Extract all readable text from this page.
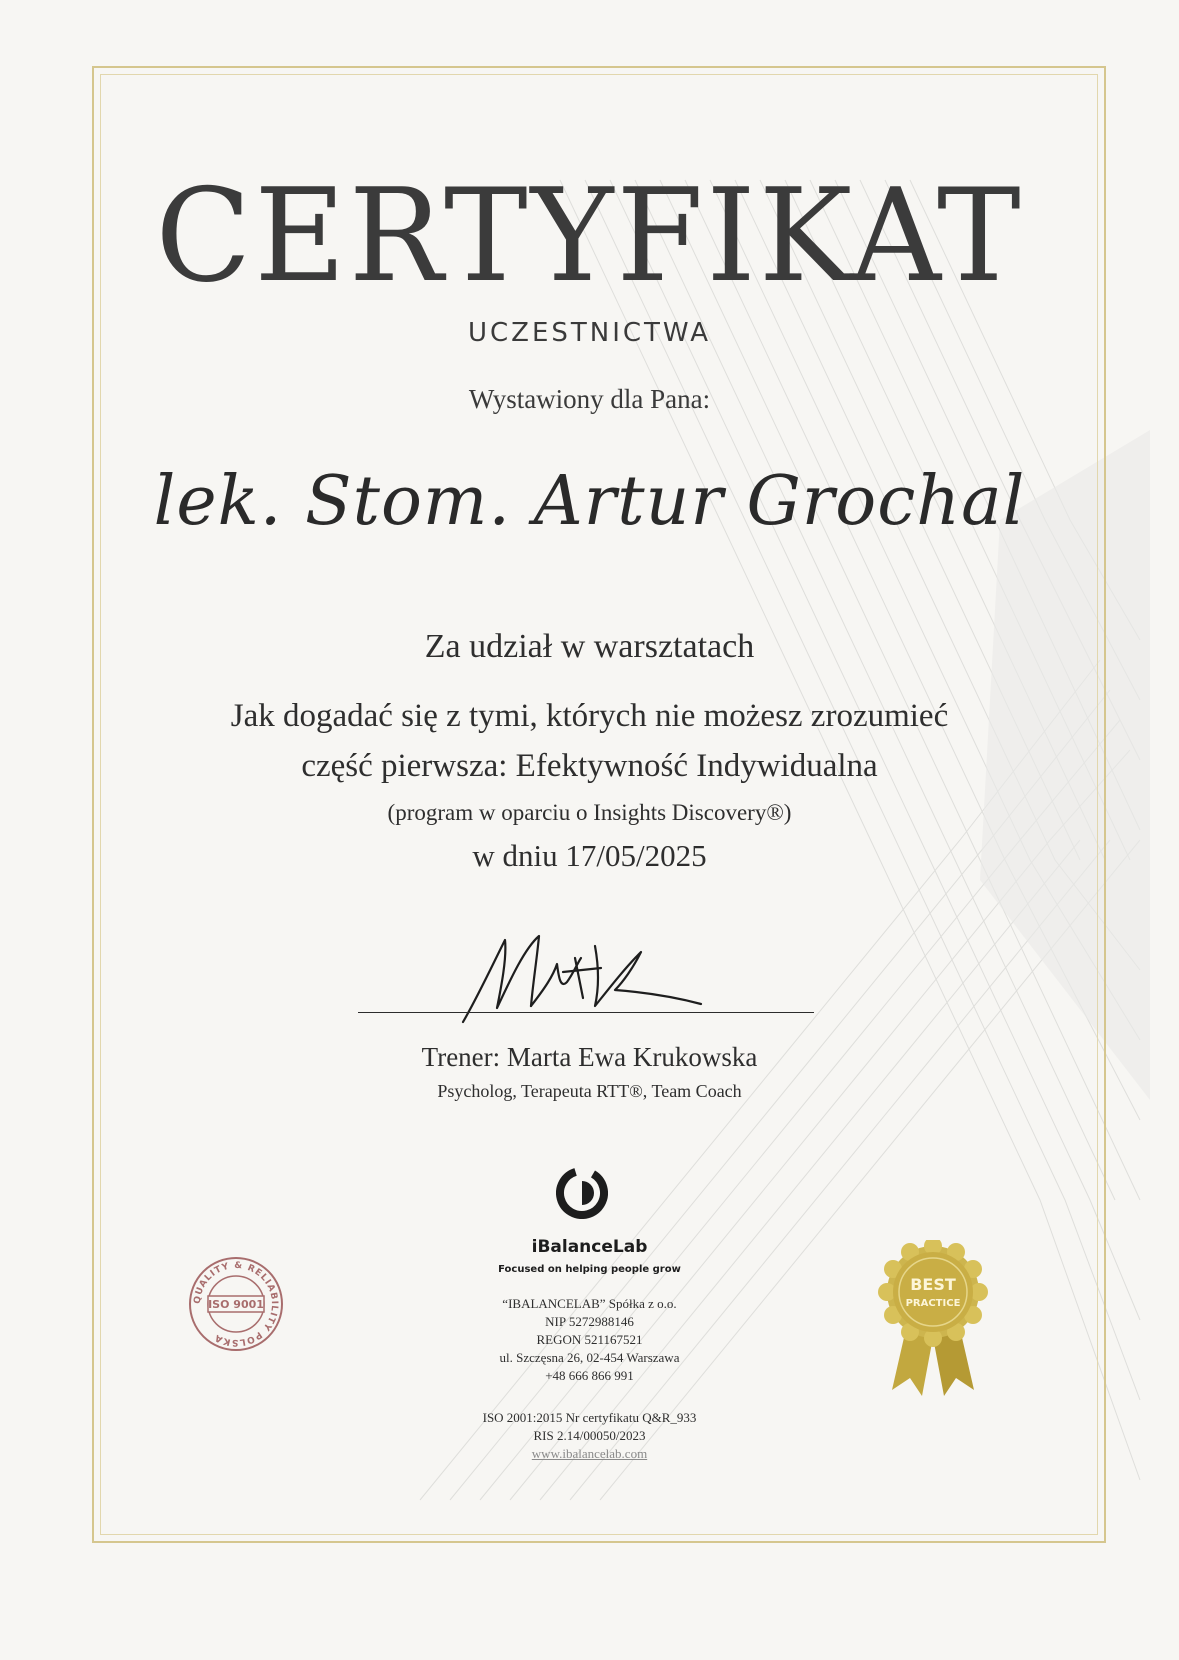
CERTYFIKAT
UCZESTNICTWA
Wystawiony dla Pana:
lek. Stom. Artur Grochal
Za udział w warsztatach
Jak dogadać się z tymi, których nie możesz zrozumieć
część pierwsza: Efektywność Indywidualna
(program w oparciu o Insights Discovery®)
w dniu 17/05/2025
Trener: Marta Ewa Krukowska
Psycholog, Terapeuta RTT®, Team Coach
iBalanceLab
Focused on helping people grow
“IBALANCELAB” Spółka z o.o.
NIP 5272988146
REGON 521167521
ul. Szczęsna 26, 02-454 Warszawa
+48 666 866 991
ISO 2001:2015 Nr certyfikatu Q&R_933
RIS 2.14/00050/2023
www.ibalancelab.com
QUALITY & RELIABILITY POLSKA
ISO 9001
BEST
PRACTICE
